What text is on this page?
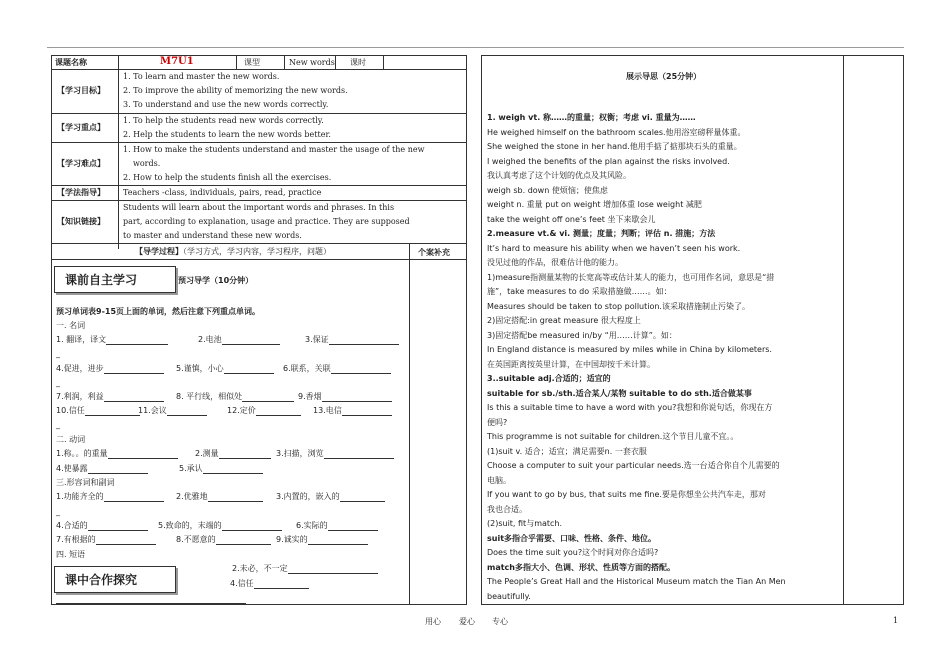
课题名称	M7U1	课型	New words 课时
【学习目标】
1. To learn and master the new words.
2. To improve the ability of memorizing the new words.
3. To understand and use the new words correctly.
【学习重点】
1. To help the students read new words correctly.
2. Help the students to learn the new words better.
【学习难点】
1. How to make the students understand and master the usage of the new
words.
2. How to help the students finish all the exercises.
【学法指导】 Teachers -class, individuals, pairs, read, practice
【知识链接】
Students will learn about the important words and phrases. In this
part, according to explanation, usage and practice. They are supposed
to master and understand these new words.
【导学过程】（学习方式，学习内容，学习程序，问题）	个案补充
课前自主学习	预习导学（10分钟）
预习单词表9-15页上面的单词，然后注意下列重点单词。
一. 名词
1. 翻译，译文	2.电池	3.保证
_
4.促进，进步	5.谨慎，小心	6.联系，关联
_
7.利润，利益	8. 平行线，相似处	9.香烟
10.信任	11.会议	12.定价	13.电信
_
二. 动词
1.称。。的重量	2.测量	3.扫描，浏览
4.使暴露	5.承认
三.形容词和副词
1.功能齐全的	2.优雅地	3.内置的，嵌入的
_
4.合适的	5.致命的，末端的	6.实际的
7.有根据的	8.不愿意的	9.诚实的
四. 短语
2.未必，不一定
4.信任
课中合作探究
展示导思（25分钟）
1. weigh vt. 称……的重量；权衡；考虑 vi. 重量为……
He weighed himself on the bathroom scales.他用浴室磅秤量体重。
She weighed the stone in her hand.他用手掂了掂那块石头的重量。
I weighed the benefits of the plan against the risks involved.
我认真考虑了这个计划的优点及其风险。
weigh sb. down 使烦恼；使焦虑
weight n. 重量 put on weight 增加体重 lose weight 减肥
take the weight off one’s feet 坐下来歇会儿
2.measure vt.& vi. 测量；度量；判断；评估 n. 措施；方法
It’s hard to measure his ability when we haven’t seen his work.
没见过他的作品，很难估计他的能力。
1)measure指测量某物的长宽高等或估计某人的能力，也可用作名词，意思是“措
施”，take measures to do 采取措施做……。如：
Measures should be taken to stop pollution.该采取措施制止污染了。
2)固定搭配:in great measure 很大程度上
3)固定搭配be measured in/by “用……计算”。如：
In England distance is measured by miles while in China by kilometers.
在英国距离按英里计算，在中国却按千米计算。
3..suitable adj.合适的；适宜的
suitable for sb./sth.适合某人/某物 suitable to do sth.适合做某事
Is this a suitable time to have a word with you?我想和你说句话，你现在方
便吗?
This programme is not suitable for children.这个节目儿童不宜。。
(1)suit v. 适合；适宜；满足需要n. 一套衣服
Choose a computer to suit your particular needs.选一台适合你自个儿需要的
电脑。
If you want to go by bus, that suits me fine.要是你想坐公共汽车走，那对
我也合适。
(2)suit, fit与match.
suit多指合乎需要、口味、性格、条件、地位。
Does the time suit you?这个时间对你合适吗?
match多指大小、色调、形状、性质等方面的搭配。
The People’s Great Hall and the Historical Museum match the Tian An Men
beautifully.
用心 爱心 专心	1
